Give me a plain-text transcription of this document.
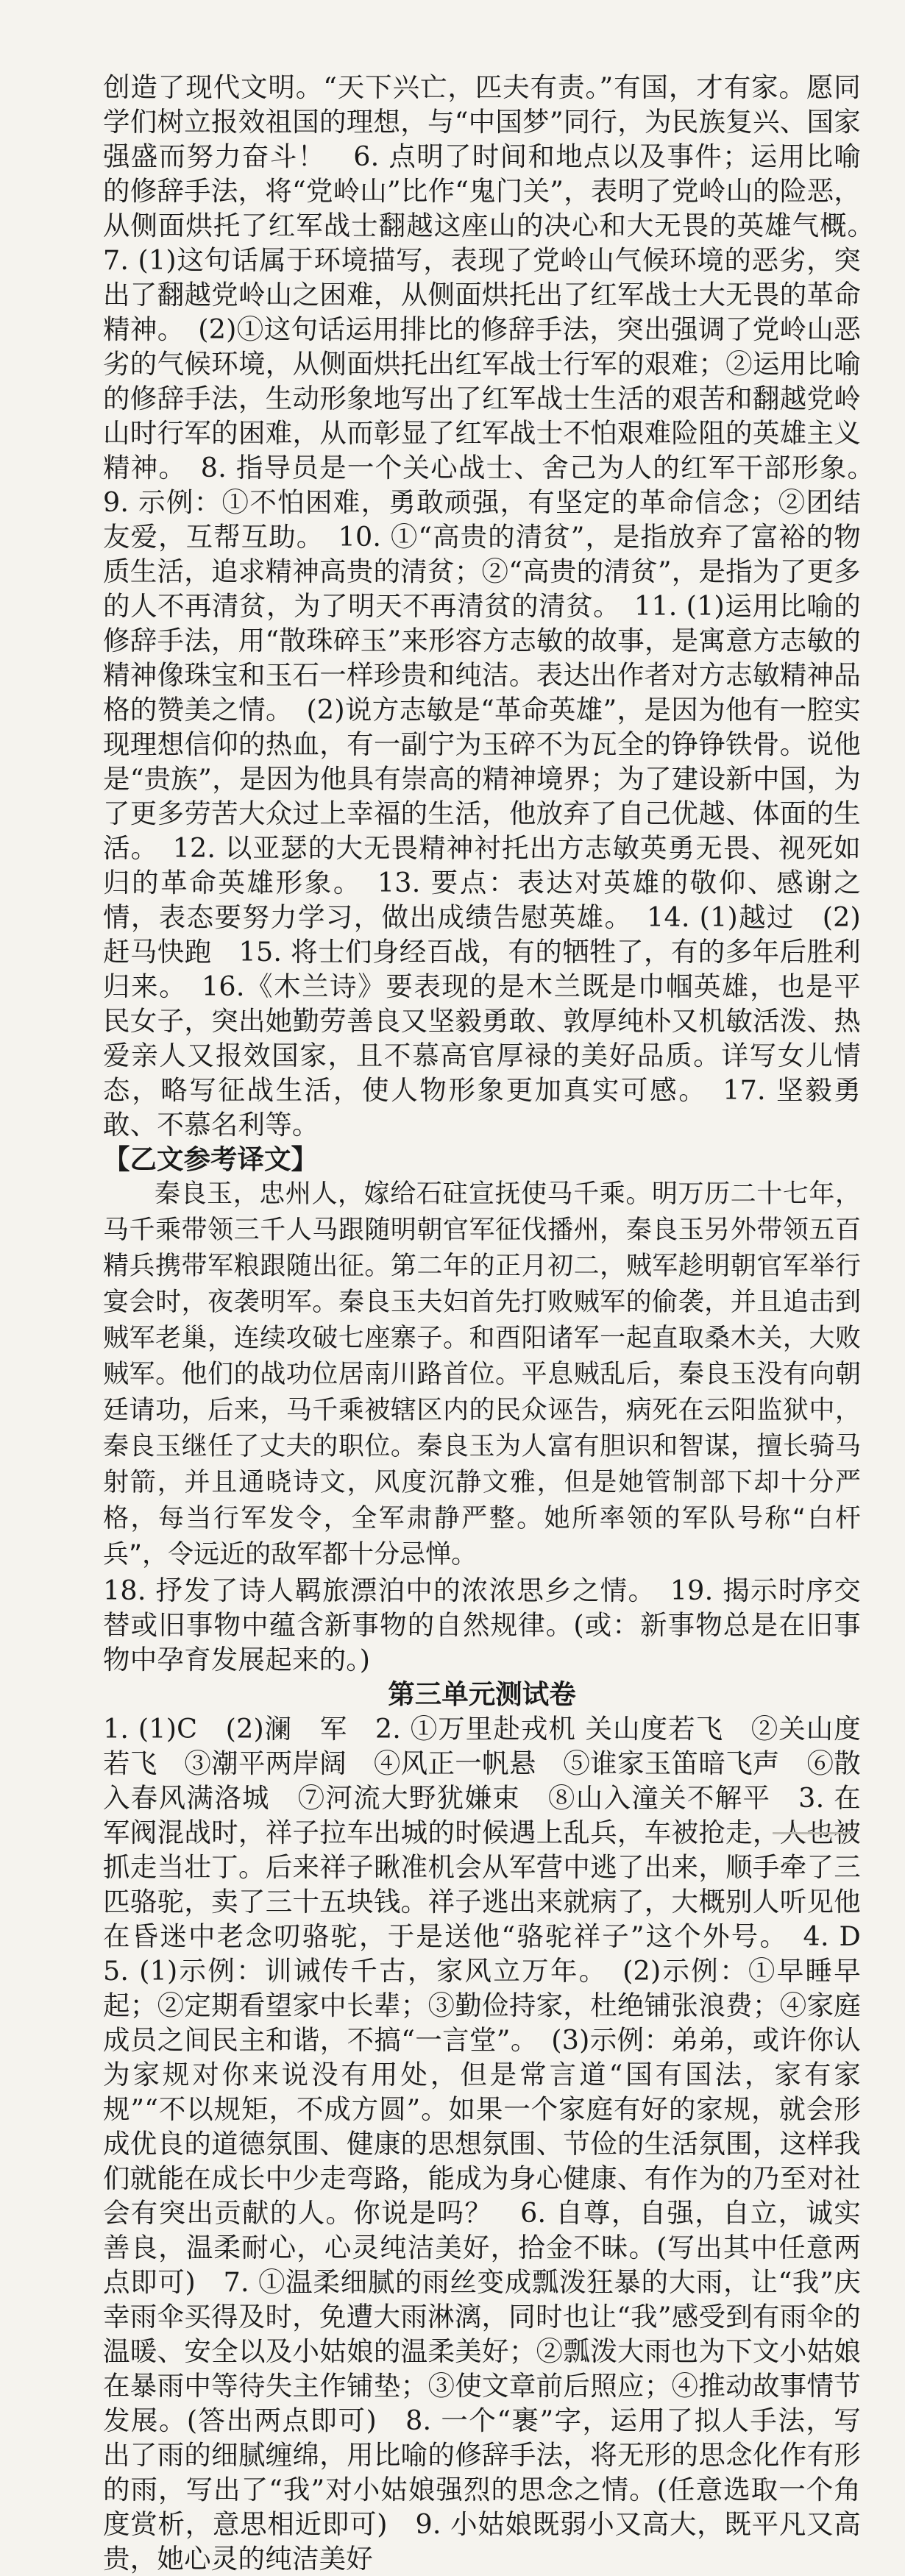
创造了现代文明。“天下兴亡，匹夫有责。”有国，才有家。愿同学们树立报效祖国的理想，与“中国梦”同行，为民族复兴、国家强盛而努力奋斗！　6. 点明了时间和地点以及事件；运用比喻的修辞手法，将“党岭山”比作“鬼门关”，表明了党岭山的险恶，从侧面烘托了红军战士翻越这座山的决心和大无畏的英雄气概。　7. (1)这句话属于环境描写，表现了党岭山气候环境的恶劣，突出了翻越党岭山之困难，从侧面烘托出了红军战士大无畏的革命精神。　(2)①这句话运用排比的修辞手法，突出强调了党岭山恶劣的气候环境，从侧面烘托出红军战士行军的艰难；②运用比喻的修辞手法，生动形象地写出了红军战士生活的艰苦和翻越党岭山时行军的困难，从而彰显了红军战士不怕艰难险阻的英雄主义精神。　8. 指导员是一个关心战士、舍己为人的红军干部形象。　9. 示例：①不怕困难，勇敢顽强，有坚定的革命信念；②团结友爱，互帮互助。　10. ①“高贵的清贫”，是指放弃了富裕的物质生活，追求精神高贵的清贫；②“高贵的清贫”，是指为了更多的人不再清贫，为了明天不再清贫的清贫。　11. (1)运用比喻的修辞手法，用“散珠碎玉”来形容方志敏的故事，是寓意方志敏的精神像珠宝和玉石一样珍贵和纯洁。表达出作者对方志敏精神品格的赞美之情。　(2)说方志敏是“革命英雄”，是因为他有一腔实现理想信仰的热血，有一副宁为玉碎不为瓦全的铮铮铁骨。说他是“贵族”，是因为他具有崇高的精神境界；为了建设新中国，为了更多劳苦大众过上幸福的生活，他放弃了自己优越、体面的生活。　12. 以亚瑟的大无畏精神衬托出方志敏英勇无畏、视死如归的革命英雄形象。　13. 要点：表达对英雄的敬仰、感谢之情，表态要努力学习，做出成绩告慰英雄。　14. (1)越过　(2)赶马快跑　15. 将士们身经百战，有的牺牲了，有的多年后胜利归来。　16.《木兰诗》要表现的是木兰既是巾帼英雄，也是平民女子，突出她勤劳善良又坚毅勇敢、敦厚纯朴又机敏活泼、热爱亲人又报效国家，且不慕高官厚禄的美好品质。详写女儿情态，略写征战生活，使人物形象更加真实可感。　17. 坚毅勇敢、不慕名利等。

【乙文参考译文】

秦良玉，忠州人，嫁给石砫宣抚使马千乘。明万历二十七年，马千乘带领三千人马跟随明朝官军征伐播州，秦良玉另外带领五百精兵携带军粮跟随出征。第二年的正月初二，贼军趁明朝官军举行宴会时，夜袭明军。秦良玉夫妇首先打败贼军的偷袭，并且追击到贼军老巢，连续攻破七座寨子。和酉阳诸军一起直取桑木关，大败贼军。他们的战功位居南川路首位。平息贼乱后，秦良玉没有向朝廷请功，后来，马千乘被辖区内的民众诬告，病死在云阳监狱中，秦良玉继任了丈夫的职位。秦良玉为人富有胆识和智谋，擅长骑马射箭，并且通晓诗文，风度沉静文雅，但是她管制部下却十分严格，每当行军发令，全军肃静严整。她所率领的军队号称“白杆兵”，令远近的敌军都十分忌惮。

18. 抒发了诗人羁旅漂泊中的浓浓思乡之情。　19. 揭示时序交替或旧事物中蕴含新事物的自然规律。(或：新事物总是在旧事物中孕育发展起来的。)

第三单元测试卷

1. (1)C　(2)澜　军　2. ①万里赴戎机 关山度若飞　②关山度若飞　③潮平两岸阔　④风正一帆悬　⑤谁家玉笛暗飞声　⑥散入春风满洛城　⑦河流大野犹嫌束　⑧山入潼关不解平　3. 在军阀混战时，祥子拉车出城的时候遇上乱兵，车被抢走，人也被抓走当壮丁。后来祥子瞅准机会从军营中逃了出来，顺手牵了三匹骆驼，卖了三十五块钱。祥子逃出来就病了，大概别人听见他在昏迷中老念叨骆驼，于是送他“骆驼祥子”这个外号。　4. D　5. (1)示例：训诫传千古，家风立万年。　(2)示例：①早睡早起；②定期看望家中长辈；③勤俭持家，杜绝铺张浪费；④家庭成员之间民主和谐，不搞“一言堂”。　(3)示例：弟弟，或许你认为家规对你来说没有用处，但是常言道“国有国法，家有家规”“不以规矩，不成方圆”。如果一个家庭有好的家规，就会形成优良的道德氛围、健康的思想氛围、节俭的生活氛围，这样我们就能在成长中少走弯路，能成为身心健康、有作为的乃至对社会有突出贡献的人。你说是吗？　6. 自尊，自强，自立，诚实善良，温柔耐心，心灵纯洁美好，拾金不昧。(写出其中任意两点即可)　7. ①温柔细腻的雨丝变成瓢泼狂暴的大雨，让“我”庆幸雨伞买得及时，免遭大雨淋漓，同时也让“我”感受到有雨伞的温暖、安全以及小姑娘的温柔美好；②瓢泼大雨也为下文小姑娘在暴雨中等待失主作铺垫；③使文章前后照应；④推动故事情节发展。(答出两点即可)　8. 一个“裹”字，运用了拟人手法，写出了雨的细腻缠绵，用比喻的修辞手法，将无形的思念化作有形的雨，写出了“我”对小姑娘强烈的思念之情。(任意选取一个角度赏析，意思相近即可)　9. 小姑娘既弱小又高大，既平凡又高贵，她心灵的纯洁美好
